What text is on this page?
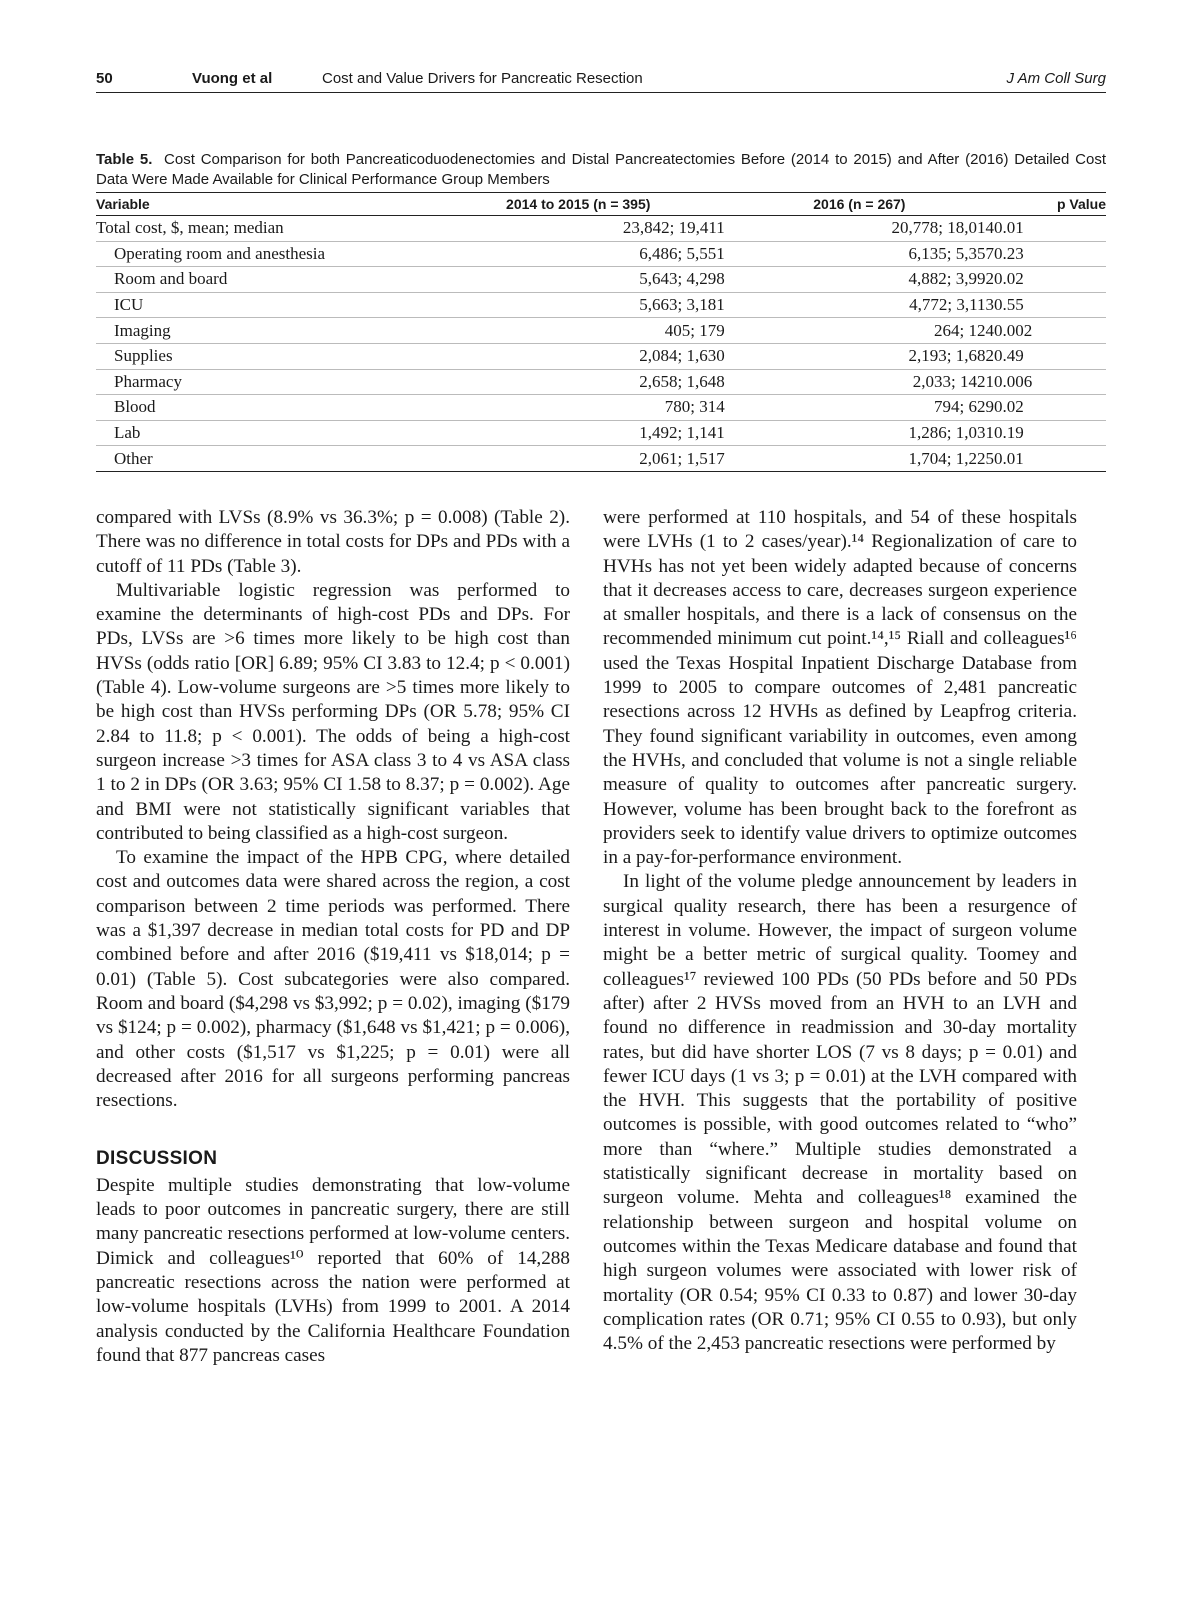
50	Vuong et al	Cost and Value Drivers for Pancreatic Resection	J Am Coll Surg
Table 5. Cost Comparison for both Pancreaticoduodenectomies and Distal Pancreatectomies Before (2014 to 2015) and After (2016) Detailed Cost Data Were Made Available for Clinical Performance Group Members
Variable	2014 to 2015 (n = 395)	2016 (n = 267)	p Value
Total cost, $, mean; median	23,842; 19,411	20,778; 18,014	0.01
Operating room and anesthesia	6,486; 5,551	6,135; 5,357	0.23
Room and board	5,643; 4,298	4,882; 3,992	0.02
ICU	5,663; 3,181	4,772; 3,113	0.55
Imaging	405; 179	264; 124	0.002
Supplies	2,084; 1,630	2,193; 1,682	0.49
Pharmacy	2,658; 1,648	2,033; 1421	0.006
Blood	780; 314	794; 629	0.02
Lab	1,492; 1,141	1,286; 1,031	0.19
Other	2,061; 1,517	1,704; 1,225	0.01

compared with LVSs (8.9% vs 36.3%; p = 0.008) (Table 2). There was no difference in total costs for DPs and PDs with a cutoff of 11 PDs (Table 3).

Multivariable logistic regression was performed to examine the determinants of high-cost PDs and DPs. For PDs, LVSs are >6 times more likely to be high cost than HVSs (odds ratio [OR] 6.89; 95% CI 3.83 to 12.4; p < 0.001) (Table 4). Low-volume surgeons are >5 times more likely to be high cost than HVSs performing DPs (OR 5.78; 95% CI 2.84 to 11.8; p < 0.001). The odds of being a high-cost surgeon increase >3 times for ASA class 3 to 4 vs ASA class 1 to 2 in DPs (OR 3.63; 95% CI 1.58 to 8.37; p = 0.002). Age and BMI were not statistically significant variables that contributed to being classified as a high-cost surgeon.

To examine the impact of the HPB CPG, where detailed cost and outcomes data were shared across the region, a cost comparison between 2 time periods was performed. There was a $1,397 decrease in median total costs for PD and DP combined before and after 2016 ($19,411 vs $18,014; p = 0.01) (Table 5). Cost subcategories were also compared. Room and board ($4,298 vs $3,992; p = 0.02), imaging ($179 vs $124; p = 0.002), pharmacy ($1,648 vs $1,421; p = 0.006), and other costs ($1,517 vs $1,225; p = 0.01) were all decreased after 2016 for all surgeons performing pancreas resections.

DISCUSSION

Despite multiple studies demonstrating that low-volume leads to poor outcomes in pancreatic surgery, there are still many pancreatic resections performed at low-volume centers. Dimick and colleagues¹⁰ reported that 60% of 14,288 pancreatic resections across the nation were performed at low-volume hospitals (LVHs) from 1999 to 2001. A 2014 analysis conducted by the California Healthcare Foundation found that 877 pancreas cases

were performed at 110 hospitals, and 54 of these hospitals were LVHs (1 to 2 cases/year).¹⁴ Regionalization of care to HVHs has not yet been widely adapted because of concerns that it decreases access to care, decreases surgeon experience at smaller hospitals, and there is a lack of consensus on the recommended minimum cut point.¹⁴,¹⁵ Riall and colleagues¹⁶ used the Texas Hospital Inpatient Discharge Database from 1999 to 2005 to compare outcomes of 2,481 pancreatic resections across 12 HVHs as defined by Leapfrog criteria. They found significant variability in outcomes, even among the HVHs, and concluded that volume is not a single reliable measure of quality to outcomes after pancreatic surgery. However, volume has been brought back to the forefront as providers seek to identify value drivers to optimize outcomes in a pay-for-performance environment.

In light of the volume pledge announcement by leaders in surgical quality research, there has been a resurgence of interest in volume. However, the impact of surgeon volume might be a better metric of surgical quality. Toomey and colleagues¹⁷ reviewed 100 PDs (50 PDs before and 50 PDs after) after 2 HVSs moved from an HVH to an LVH and found no difference in readmission and 30-day mortality rates, but did have shorter LOS (7 vs 8 days; p = 0.01) and fewer ICU days (1 vs 3; p = 0.01) at the LVH compared with the HVH. This suggests that the portability of positive outcomes is possible, with good outcomes related to “who” more than “where.” Multiple studies demonstrated a statistically significant decrease in mortality based on surgeon volume. Mehta and colleagues¹⁸ examined the relationship between surgeon and hospital volume on outcomes within the Texas Medicare database and found that high surgeon volumes were associated with lower risk of mortality (OR 0.54; 95% CI 0.33 to 0.87) and lower 30-day complication rates (OR 0.71; 95% CI 0.55 to 0.93), but only 4.5% of the 2,453 pancreatic resections were performed by
